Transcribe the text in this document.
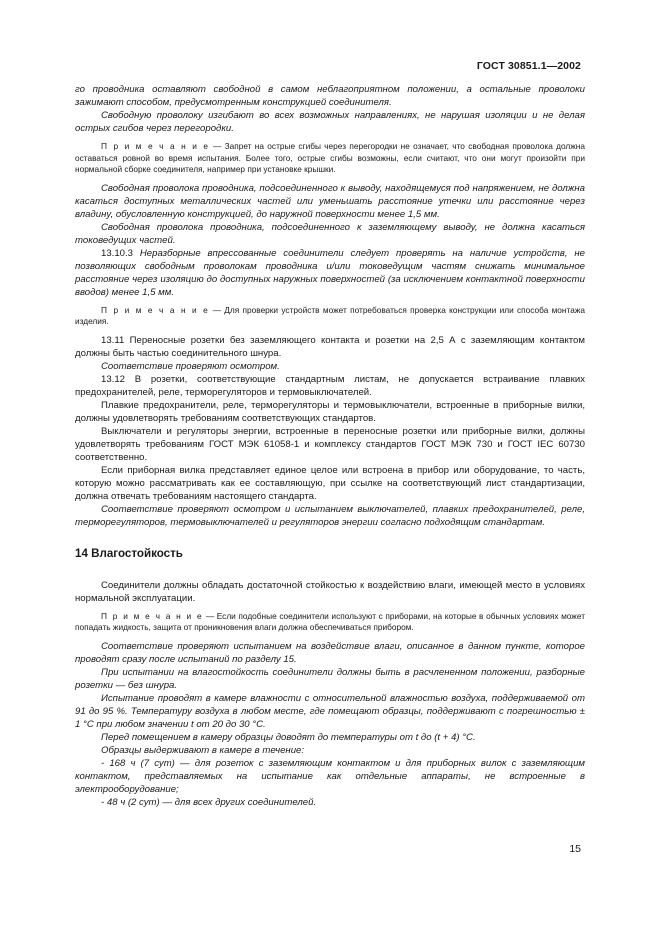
ГОСТ 30851.1—2002

го проводника оставляют свободной в самом неблагоприятном положении, а остальные проволоки зажимают способом, предусмотренным конструкцией соединителя.

Свободную проволоку изгибают во всех возможных направлениях, не нарушая изоляции и не делая острых сгибов через перегородки.

П р и м е ч а н и е — Запрет на острые сгибы через перегородки не означает, что свободная проволока должна оставаться ровной во время испытания. Более того, острые сгибы возможны, если считают, что они могут произойти при нормальной сборке соединителя, например при установке крышки.

Свободная проволока проводника, подсоединенного к выводу, находящемуся под напряжением, не должна касаться доступных металлических частей или уменьшать расстояние утечки или расстояние через владину, обусловленную конструкцией, до наружной поверхности менее 1,5 мм.

Свободная проволока проводника, подсоединенного к заземляющему выводу, не должна касаться токоведущих частей.

13.10.3 Неразборные впрессованные соединители следует проверять на наличие устройств, не позволяющих свободным проволокам проводника и/или токоведущим частям снижать минимальное расстояние через изоляцию до доступных наружных поверхностей (за исключением контактной поверхности вводов) менее 1,5 мм.

П р и м е ч а н и е — Для проверки устройств может потребоваться проверка конструкции или способа монтажа изделия.

13.11 Переносные розетки без заземляющего контакта и розетки на 2,5 А с заземляющим контактом должны быть частью соединительного шнура.

Соответствие проверяют осмотром.

13.12 В розетки, соответствующие стандартным листам, не допускается встраивание плавких предохранителей, реле, терморегуляторов и термовыключателей.

Плавкие предохранители, реле, терморегуляторы и термовыключатели, встроенные в приборные вилки, должны удовлетворять требованиям соответствующих стандартов.

Выключатели и регуляторы энергии, встроенные в переносные розетки или приборные вилки, должны удовлетворять требованиям ГОСТ МЭК 61058-1 и комплексу стандартов ГОСТ МЭК 730 и ГОСТ IEC 60730 соответственно.

Если приборная вилка представляет единое целое или встроена в прибор или оборудование, то часть, которую можно рассматривать как ее составляющую, при ссылке на соответствующий лист стандартизации, должна отвечать требованиям настоящего стандарта.

Соответствие проверяют осмотром и испытанием выключателей, плавких предохранителей, реле, терморегуляторов, термовыключателей и регуляторов энергии согласно подходящим стандартам.

14 Влагостойкость

Соединители должны обладать достаточной стойкостью к воздействию влаги, имеющей место в условиях нормальной эксплуатации.

П р и м е ч а н и е — Если подобные соединители используют с приборами, на которые в обычных условиях может попадать жидкость, защита от проникновения влаги должна обеспечиваться прибором.

Соответствие проверяют испытанием на воздействие влаги, описанное в данном пункте, которое проводят сразу после испытаний по разделу 15.

При испытании на влагостойкость соединители должны быть в расчлененном положении, разборные розетки — без шнура.

Испытание проводят в камере влажности с относительной влажностью воздуха, поддерживаемой от 91 до 95 %. Температуру воздуха в любом месте, где помещают образцы, поддерживают с погрешностью ± 1 °С при любом значении t от 20 до 30 °С.

Перед помещением в камеру образцы доводят до температуры от t до (t + 4) °С.

Образцы выдерживают в камере в течение:

- 168 ч (7 сут) — для розеток с заземляющим контактом и для приборных вилок с заземляющим контактом, представляемых на испытание как отдельные аппараты, не встроенные в электрооборудование;

- 48 ч (2 сут) — для всех других соединителей.

15
